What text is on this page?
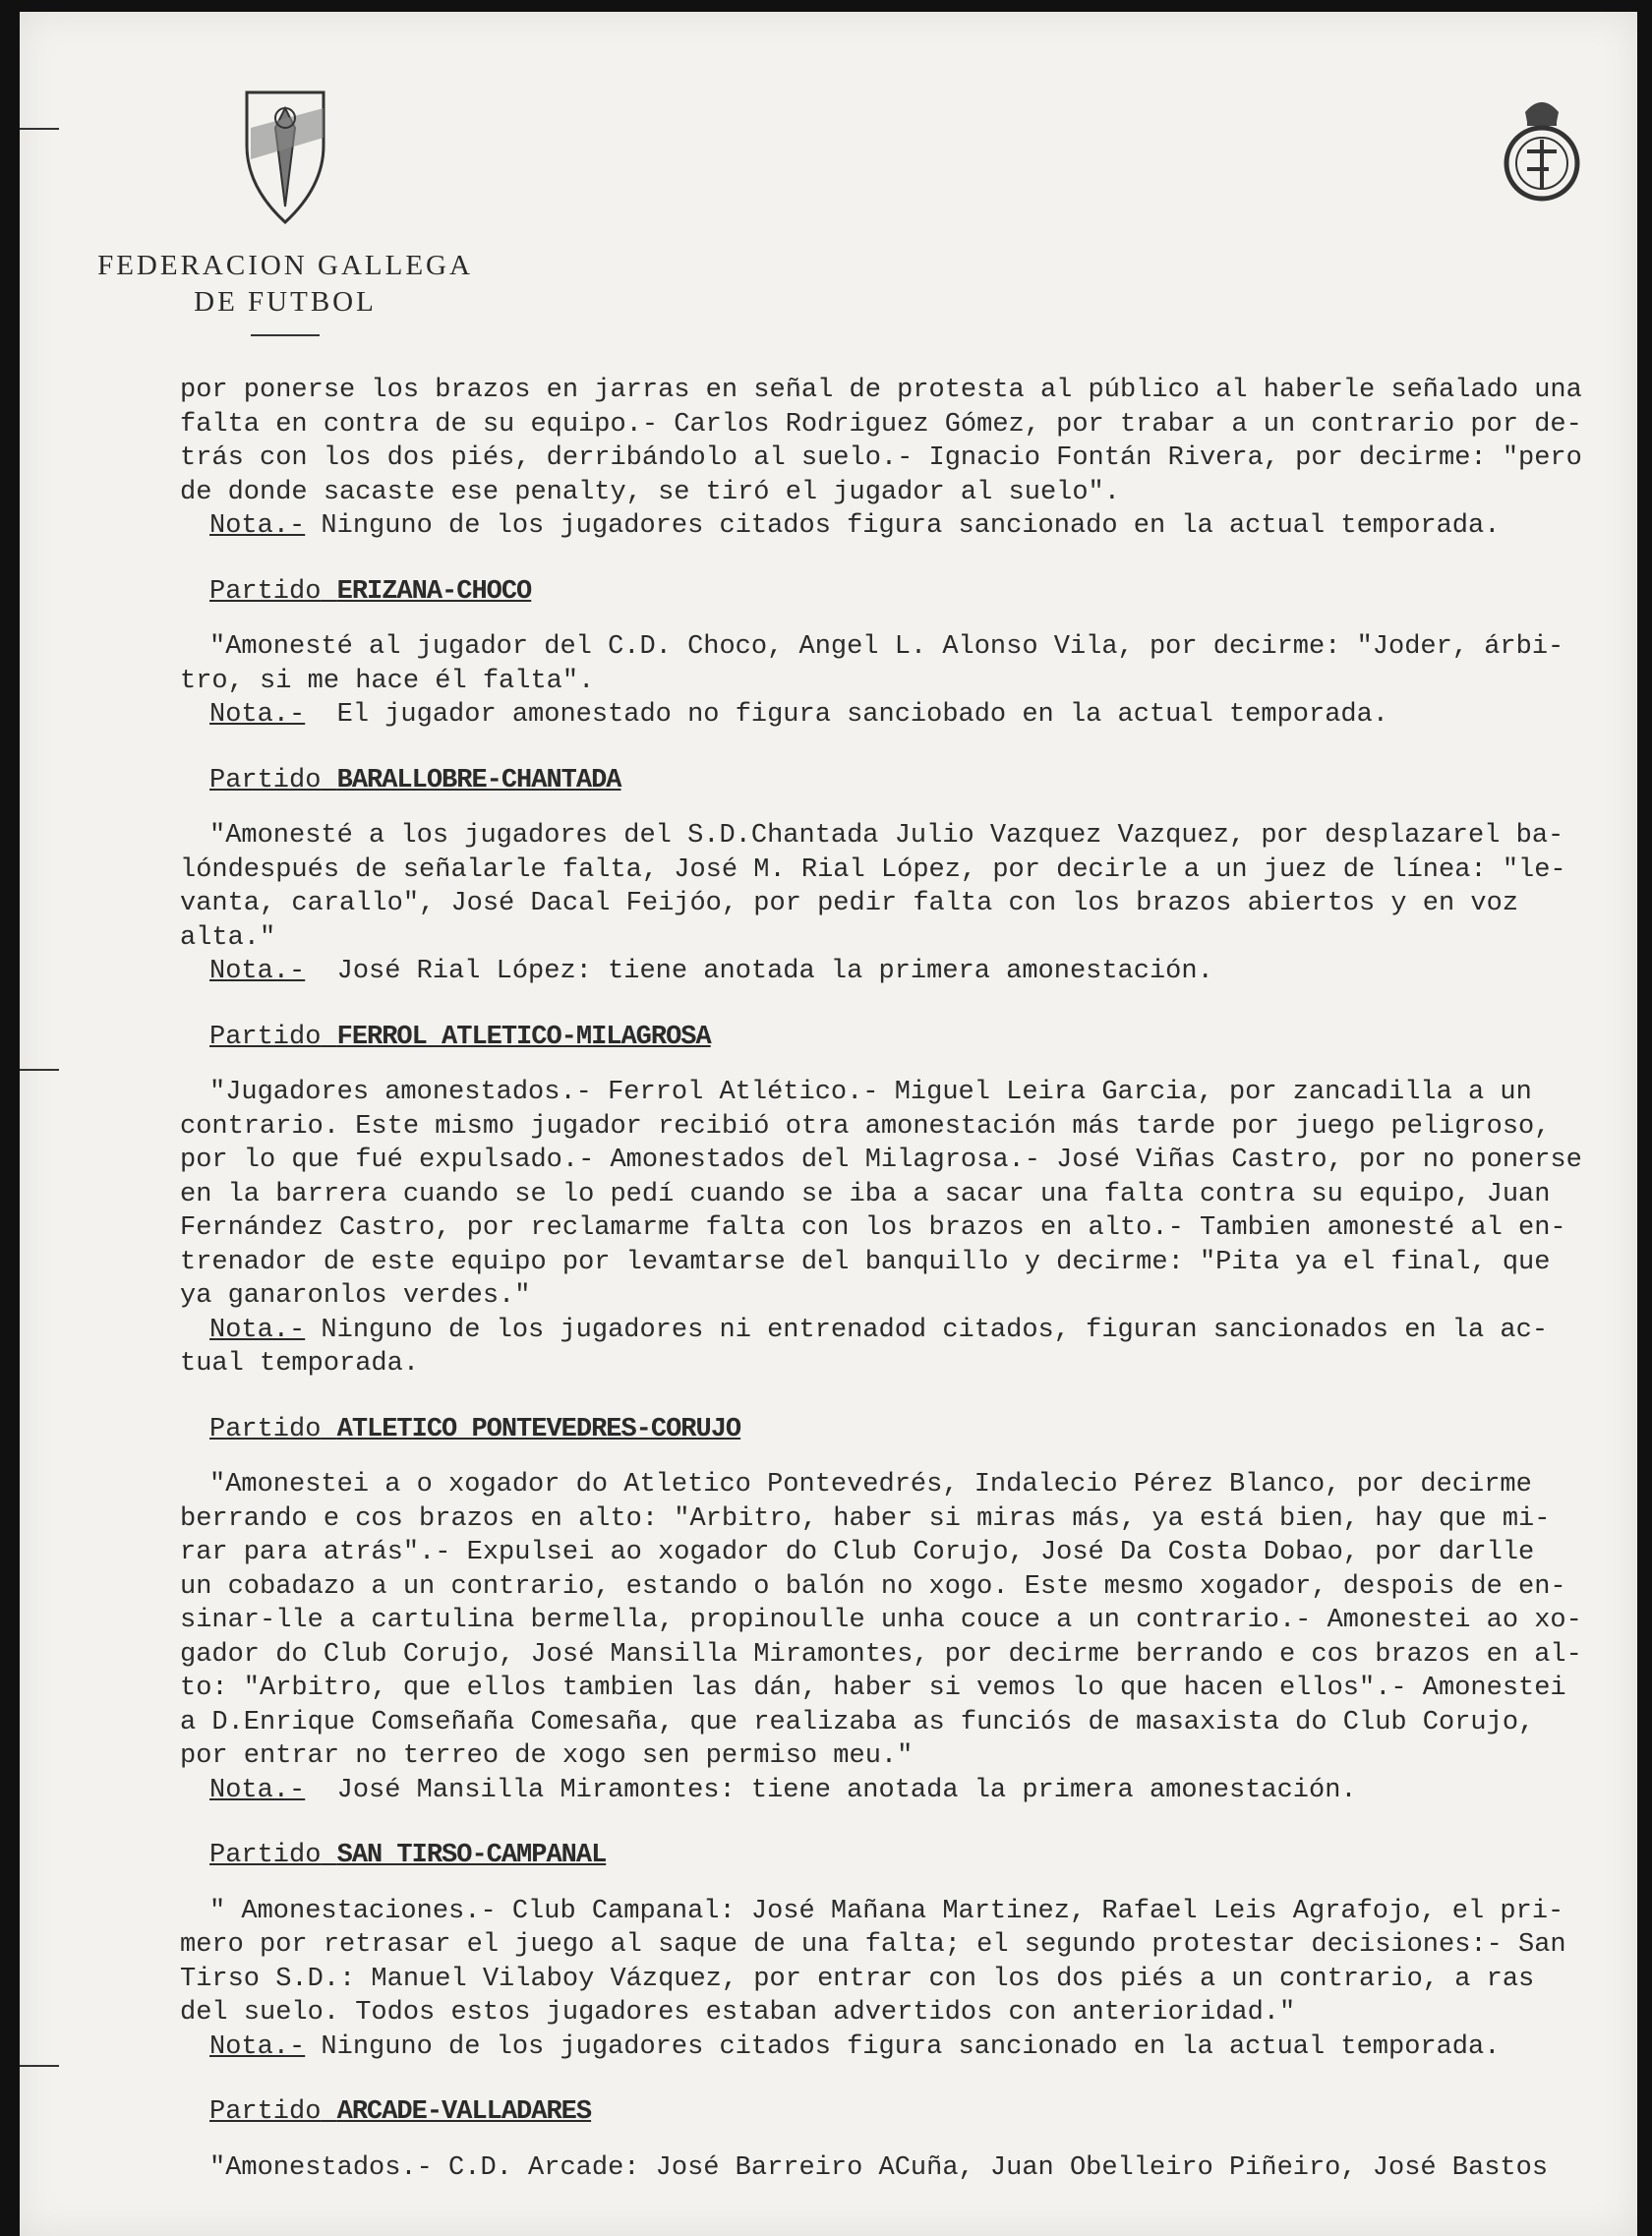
FEDERACION GALLEGA
DE FUTBOL
por ponerse los brazos en jarras en señal de protesta al público al haberle señalado una
falta en contra de su equipo.- Carlos Rodriguez Gómez, por trabar a un contrario por de-
trás con los dos piés, derribándolo al suelo.- Ignacio Fontán Rivera, por decirme: "pero
de donde sacaste ese penalty, se tiró el jugador al suelo".
Nota.- Ninguno de los jugadores citados figura sancionado en la actual temporada.
Partido ERIZANA-CHOCO
"Amonesté al jugador del C.D. Choco, Angel L. Alonso Vila, por decirme: "Joder, árbi-
tro, si me hace él falta".
Nota.-  El jugador amonestado no figura sanciobado en la actual temporada.
Partido BARALLOBRE-CHANTADA
"Amonesté a los jugadores del S.D.Chantada Julio Vazquez Vazquez, por desplazarel ba-
lóndespués de señalarle falta, José M. Rial López, por decirle a un juez de línea: "le-
vanta, carallo", José Dacal Feijóo, por pedir falta con los brazos abiertos y en voz
alta."
Nota.-  José Rial López: tiene anotada la primera amonestación.
Partido FERROL ATLETICO-MILAGROSA
"Jugadores amonestados.- Ferrol Atlético.- Miguel Leira Garcia, por zancadilla a un
contrario. Este mismo jugador recibió otra amonestación más tarde por juego peligroso,
por lo que fué expulsado.- Amonestados del Milagrosa.- José Viñas Castro, por no ponerse
en la barrera cuando se lo pedí cuando se iba a sacar una falta contra su equipo, Juan
Fernández Castro, por reclamarme falta con los brazos en alto.- Tambien amonesté al en-
trenador de este equipo por levamtarse del banquillo y decirme: "Pita ya el final, que
ya ganaronlos verdes."
Nota.- Ninguno de los jugadores ni entrenadod citados, figuran sancionados en la ac-
tual temporada.
Partido ATLETICO PONTEVEDRES-CORUJO
"Amonestei a o xogador do Atletico Pontevedrés, Indalecio Pérez Blanco, por decirme
berrando e cos brazos en alto: "Arbitro, haber si miras más, ya está bien, hay que mi-
rar para atrás".- Expulsei ao xogador do Club Corujo, José Da Costa Dobao, por darlle
un cobadazo a un contrario, estando o balón no xogo. Este mesmo xogador, despois de en-
sinar-lle a cartulina bermella, propinoulle unha couce a un contrario.- Amonestei ao xo-
gador do Club Corujo, José Mansilla Miramontes, por decirme berrando e cos brazos en al-
to: "Arbitro, que ellos tambien las dán, haber si vemos lo que hacen ellos".- Amonestei
a D.Enrique Comseñaña Comesaña, que realizaba as funciós de masaxista do Club Corujo,
por entrar no terreo de xogo sen permiso meu."
Nota.-  José Mansilla Miramontes: tiene anotada la primera amonestación.
Partido SAN TIRSO-CAMPANAL
" Amonestaciones.- Club Campanal: José Mañana Martinez, Rafael Leis Agrafojo, el pri-
mero por retrasar el juego al saque de una falta; el segundo protestar decisiones:- San
Tirso S.D.: Manuel Vilaboy Vázquez, por entrar con los dos piés a un contrario, a ras
del suelo. Todos estos jugadores estaban advertidos con anterioridad."
Nota.- Ninguno de los jugadores citados figura sancionado en la actual temporada.
Partido ARCADE-VALLADARES
"Amonestados.- C.D. Arcade: José Barreiro ACuña, Juan Obelleiro Piñeiro, José Bastos
